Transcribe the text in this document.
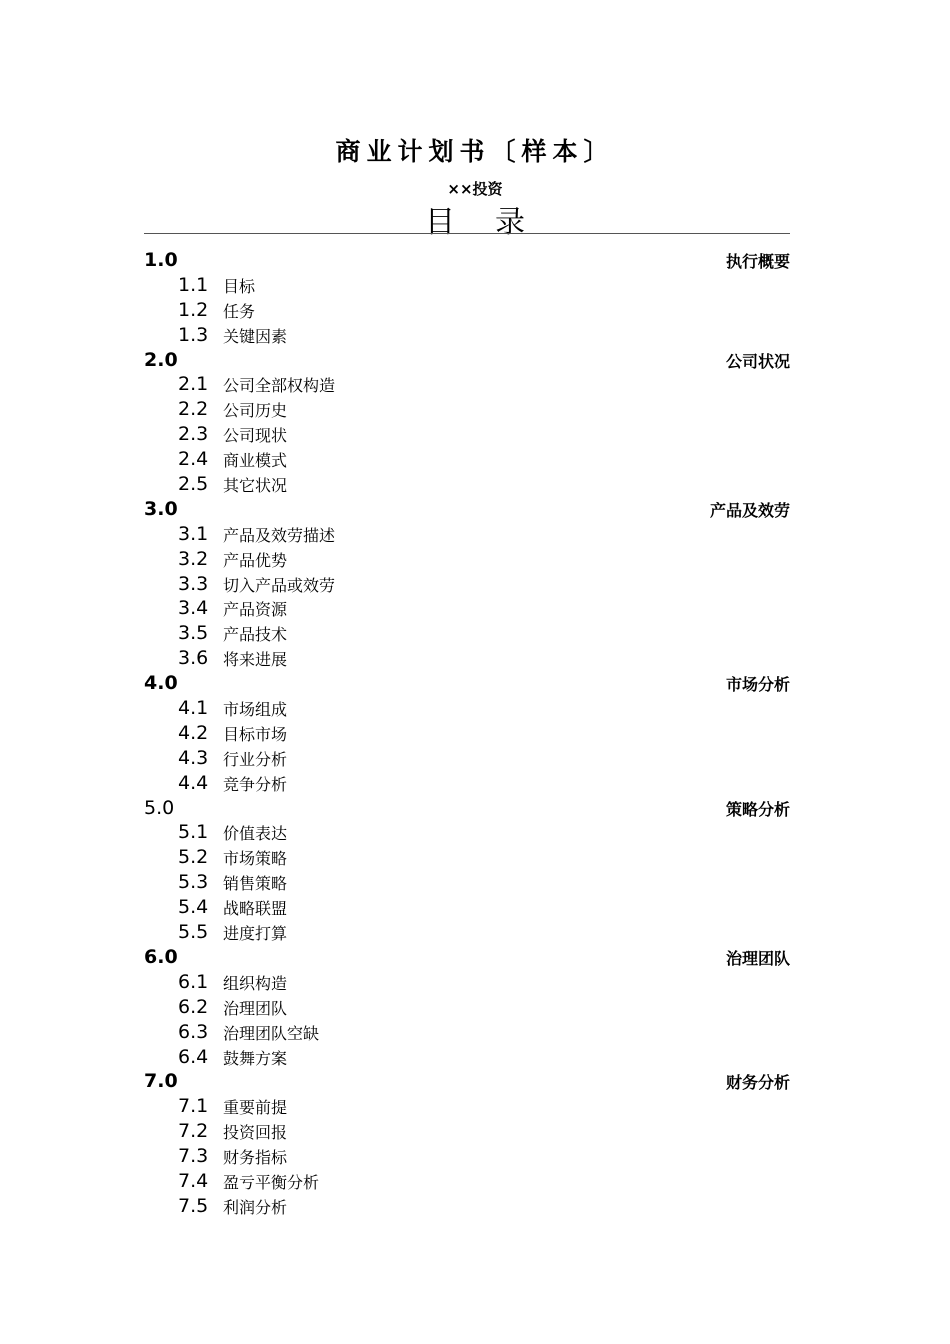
商业计划书〔样本〕
××投资
目录
1.0	执行概要
1.1 目标
1.2 任务
1.3 关键因素
2.0	公司状况
2.1 公司全部权构造
2.2 公司历史
2.3 公司现状
2.4 商业模式
2.5 其它状况
3.0	产品及效劳
3.1 产品及效劳描述
3.2 产品优势
3.3 切入产品或效劳
3.4 产品资源
3.5 产品技术
3.6 将来进展
4.0	市场分析
4.1 市场组成
4.2 目标市场
4.3 行业分析
4.4 竞争分析
5.0	策略分析
5.1 价值表达
5.2 市场策略
5.3 销售策略
5.4 战略联盟
5.5 进度打算
6.0	治理团队
6.1 组织构造
6.2 治理团队
6.3 治理团队空缺
6.4 鼓舞方案
7.0	财务分析
7.1 重要前提
7.2 投资回报
7.3 财务指标
7.4 盈亏平衡分析
7.5 利润分析
